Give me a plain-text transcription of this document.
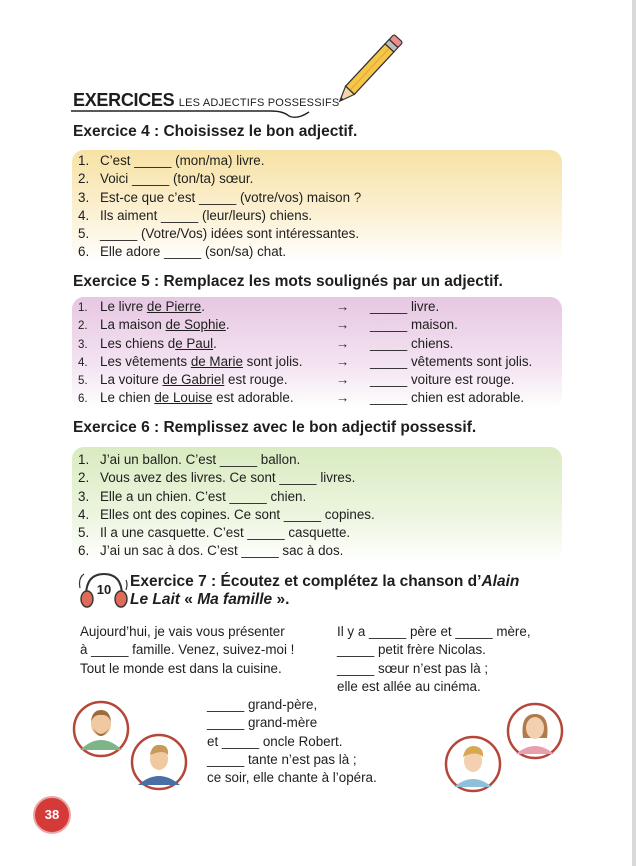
EXERCICES LES ADJECTIFS POSSESSIFS
Exercice 4 : Choisissez le bon adjectif.
1. C’est _____ (mon/ma) livre.
2. Voici _____ (ton/ta) sœur.
3. Est-ce que c’est _____ (votre/vos) maison ?
4. Ils aiment _____ (leur/leurs) chiens.
5. _____ (Votre/Vos) idées sont intéressantes.
6. Elle adore _____ (son/sa) chat.
Exercice 5 : Remplacez les mots soulignés par un adjectif.
1. Le livre de Pierre.	→ _____ livre.
2. La maison de Sophie.	→ _____ maison.
3. Les chiens de Paul.	→ _____ chiens.
4. Les vêtements de Marie sont jolis.	→ _____ vêtements sont jolis.
5. La voiture de Gabriel est rouge.	→ _____ voiture est rouge.
6. Le chien de Louise est adorable.	→ _____ chien est adorable.
Exercice 6 : Remplissez avec le bon adjectif possessif.
1. J’ai un ballon. C’est _____ ballon.
2. Vous avez des livres. Ce sont _____ livres.
3. Elle a un chien. C’est _____ chien.
4. Elles ont des copines. Ce sont _____ copines.
5. Il a une casquette. C’est _____ casquette.
6. J’ai un sac à dos. C’est _____ sac à dos.
10 Exercice 7 : Écoutez et complétez la chanson d’Alain
Le Lait « Ma famille ».
Aujourd’hui, je vais vous présenter
à _____ famille. Venez, suivez-moi !
Tout le monde est dans la cuisine.
Il y a _____ père et _____ mère,
_____ petit frère Nicolas.
_____ sœur n’est pas là ;
elle est allée au cinéma.
_____ grand-père,
_____ grand-mère
et _____ oncle Robert.
_____ tante n’est pas là ;
ce soir, elle chante à l’opéra.
38
